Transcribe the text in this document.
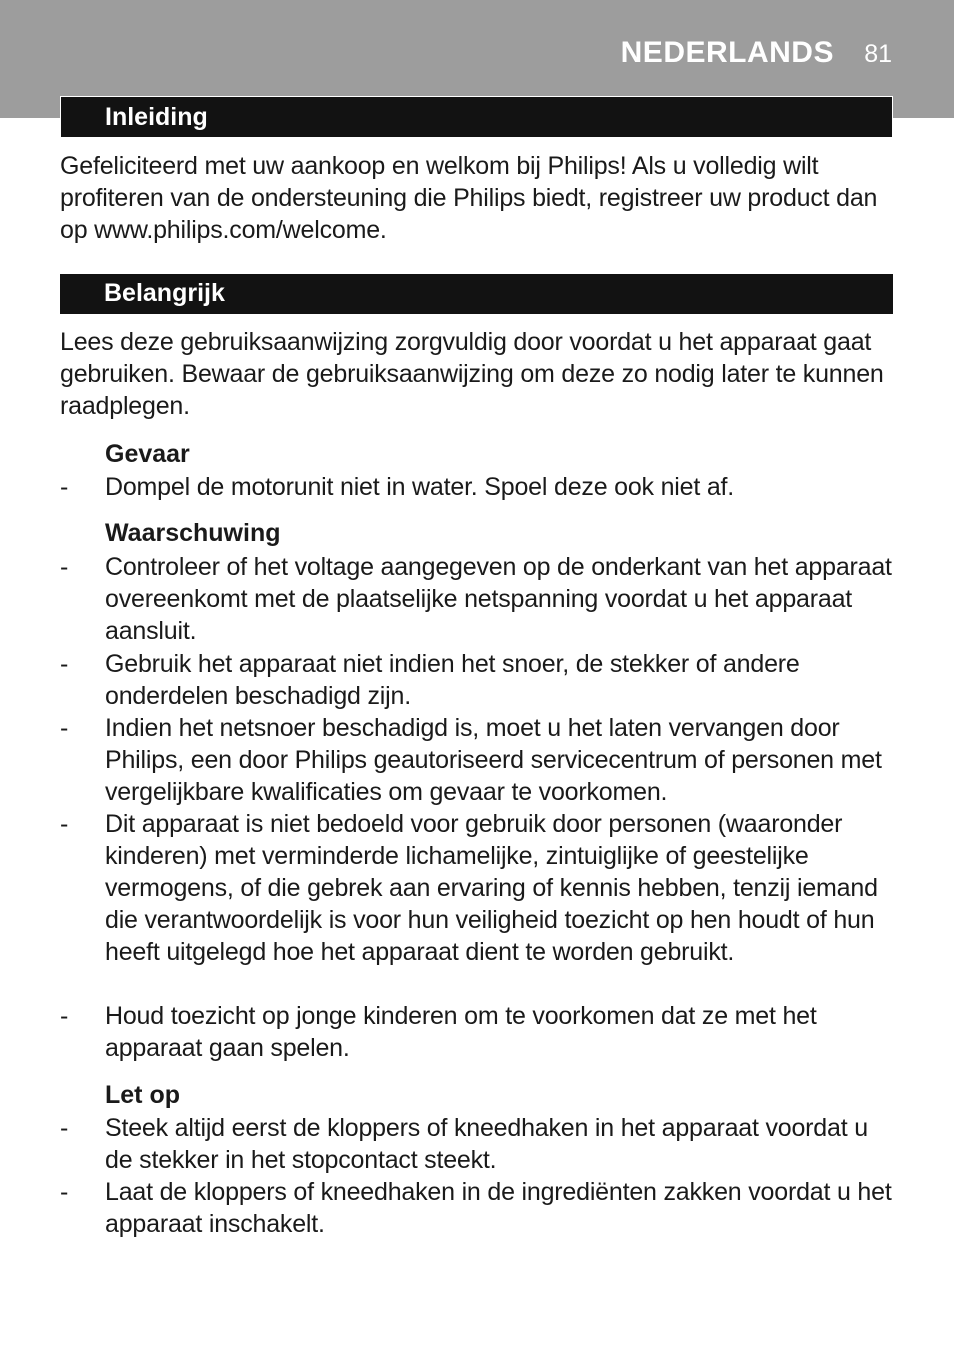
NEDERLANDS 81
Inleiding

Gefeliciteerd met uw aankoop en welkom bij Philips! Als u volledig wilt profiteren van de ondersteuning die Philips biedt, registreer uw product dan op www.philips.com/welcome.

Belangrijk

Lees deze gebruiksaanwijzing zorgvuldig door voordat u het apparaat gaat gebruiken. Bewaar de gebruiksaanwijzing om deze zo nodig later te kunnen raadplegen.

Gevaar

- Dompel de motorunit niet in water. Spoel deze ook niet af.

Waarschuwing

- Controleer of het voltage aangegeven op de onderkant van het apparaat overeenkomt met de plaatselijke netspanning voordat u het apparaat aansluit.
- Gebruik het apparaat niet indien het snoer, de stekker of andere onderdelen beschadigd zijn.
- Indien het netsnoer beschadigd is, moet u het laten vervangen door Philips, een door Philips geautoriseerd servicecentrum of personen met vergelijkbare kwalificaties om gevaar te voorkomen.
- Dit apparaat is niet bedoeld voor gebruik door personen (waaronder kinderen) met verminderde lichamelijke, zintuiglijke of geestelijke vermogens, of die gebrek aan ervaring of kennis hebben, tenzij iemand die verantwoordelijk is voor hun veiligheid toezicht op hen houdt of hun heeft uitgelegd hoe het apparaat dient te worden gebruikt.
- Houd toezicht op jonge kinderen om te voorkomen dat ze met het apparaat gaan spelen.

Let op

- Steek altijd eerst de kloppers of kneedhaken in het apparaat voordat u de stekker in het stopcontact steekt.
- Laat de kloppers of kneedhaken in de ingrediënten zakken voordat u het apparaat inschakelt.
